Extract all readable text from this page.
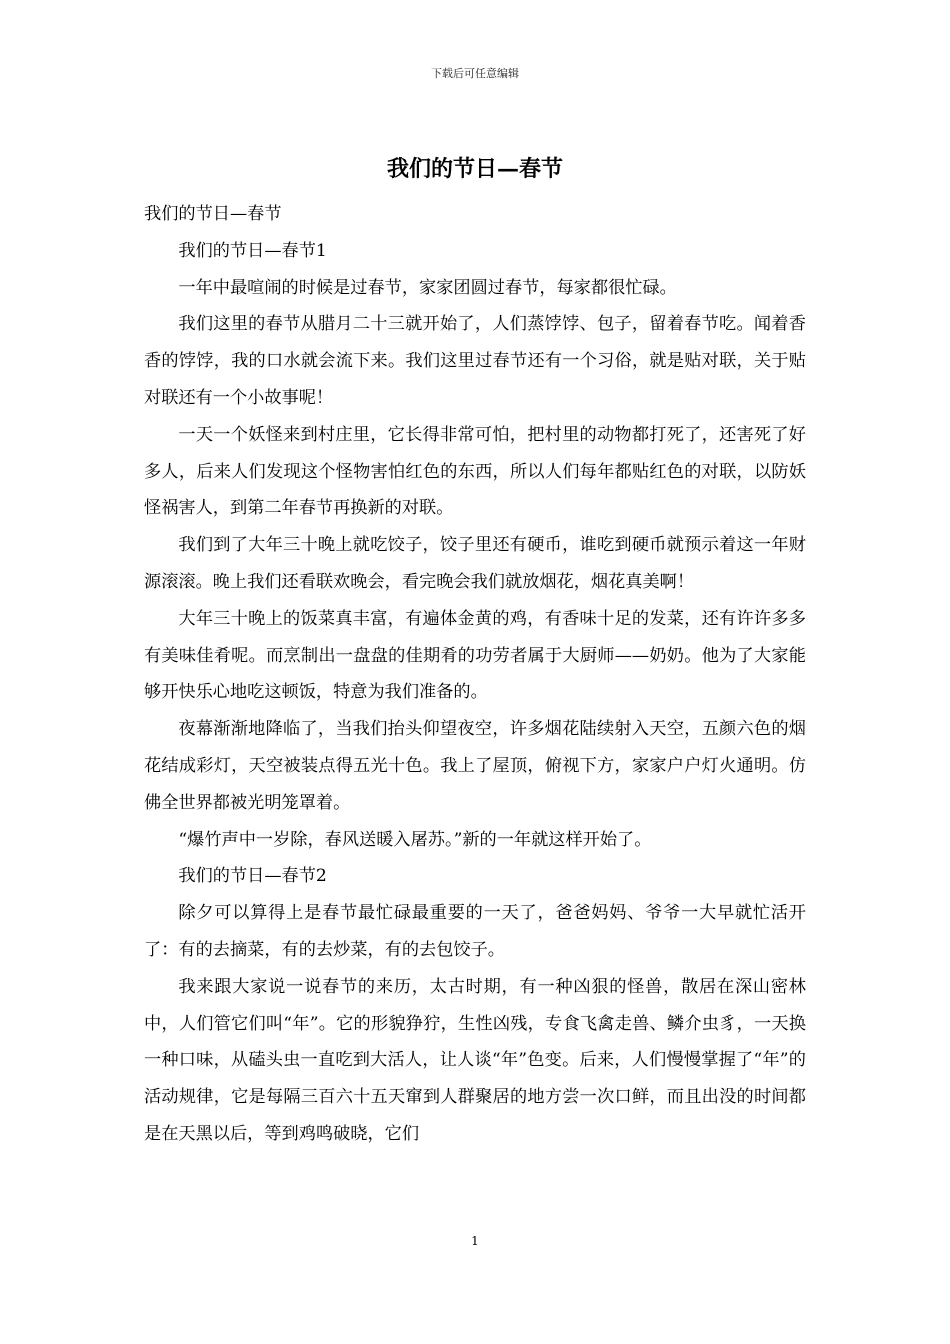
下载后可任意编辑
我们的节日—春节

我们的节日—春节

我们的节日—春节1

一年中最喧闹的时候是过春节，家家团圆过春节，每家都很忙碌。

我们这里的春节从腊月二十三就开始了，人们蒸饽饽、包子，留着春节吃。闻着香香的饽饽，我的口水就会流下来。我们这里过春节还有一个习俗，就是贴对联，关于贴对联还有一个小故事呢！

一天一个妖怪来到村庄里，它长得非常可怕，把村里的动物都打死了，还害死了好多人，后来人们发现这个怪物害怕红色的东西，所以人们每年都贴红色的对联，以防妖怪祸害人，到第二年春节再换新的对联。

我们到了大年三十晚上就吃饺子，饺子里还有硬币，谁吃到硬币就预示着这一年财源滚滚。晚上我们还看联欢晚会，看完晚会我们就放烟花，烟花真美啊！

大年三十晚上的饭菜真丰富，有遍体金黄的鸡，有香味十足的发菜，还有许许多多有美味佳肴呢。而烹制出一盘盘的佳期肴的功劳者属于大厨师——奶奶。他为了大家能够开快乐心地吃这顿饭，特意为我们准备的。

夜幕渐渐地降临了，当我们抬头仰望夜空，许多烟花陆续射入天空，五颜六色的烟花结成彩灯，天空被装点得五光十色。我上了屋顶，俯视下方，家家户户灯火通明。仿佛全世界都被光明笼罩着。

“爆竹声中一岁除，春风送暖入屠苏。”新的一年就这样开始了。

我们的节日—春节2

除夕可以算得上是春节最忙碌最重要的一天了，爸爸妈妈、爷爷一大早就忙活开了：有的去摘菜，有的去炒菜，有的去包饺子。

我来跟大家说一说春节的来历，太古时期，有一种凶狠的怪兽，散居在深山密林中，人们管它们叫“年”。它的形貌狰狞，生性凶残，专食飞禽走兽、鳞介虫豸，一天换一种口味，从磕头虫一直吃到大活人，让人谈“年”色变。后来，人们慢慢掌握了“年”的活动规律，它是每隔三百六十五天窜到人群聚居的地方尝一次口鲜，而且出没的时间都是在天黑以后，等到鸡鸣破晓，它们

1
